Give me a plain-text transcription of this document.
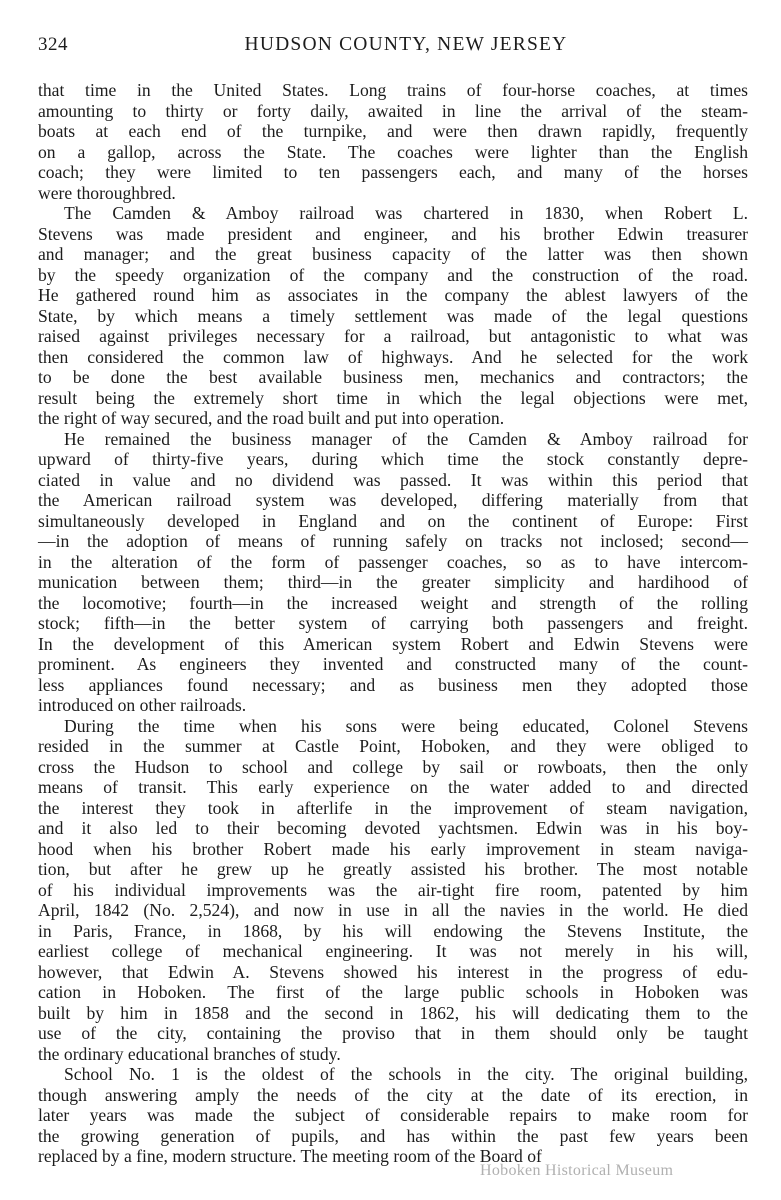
324	HUDSON COUNTY, NEW JERSEY
that time in the United States. Long trains of four-horse coaches, at times
amounting to thirty or forty daily, awaited in line the arrival of the steam-
boats at each end of the turnpike, and were then drawn rapidly, frequently
on a gallop, across the State. The coaches were lighter than the English
coach; they were limited to ten passengers each, and many of the horses
were thoroughbred.
The Camden & Amboy railroad was chartered in 1830, when Robert L.
Stevens was made president and engineer, and his brother Edwin treasurer
and manager; and the great business capacity of the latter was then shown
by the speedy organization of the company and the construction of the road.
He gathered round him as associates in the company the ablest lawyers of the
State, by which means a timely settlement was made of the legal questions
raised against privileges necessary for a railroad, but antagonistic to what was
then considered the common law of highways. And he selected for the work
to be done the best available business men, mechanics and contractors; the
result being the extremely short time in which the legal objections were met,
the right of way secured, and the road built and put into operation.
He remained the business manager of the Camden & Amboy railroad for
upward of thirty-five years, during which time the stock constantly depre-
ciated in value and no dividend was passed. It was within this period that
the American railroad system was developed, differing materially from that
simultaneously developed in England and on the continent of Europe: First
—in the adoption of means of running safely on tracks not inclosed; second—
in the alteration of the form of passenger coaches, so as to have intercom-
munication between them; third—in the greater simplicity and hardihood of
the locomotive; fourth—in the increased weight and strength of the rolling
stock; fifth—in the better system of carrying both passengers and freight.
In the development of this American system Robert and Edwin Stevens were
prominent. As engineers they invented and constructed many of the count-
less appliances found necessary; and as business men they adopted those
introduced on other railroads.
During the time when his sons were being educated, Colonel Stevens
resided in the summer at Castle Point, Hoboken, and they were obliged to
cross the Hudson to school and college by sail or rowboats, then the only
means of transit. This early experience on the water added to and directed
the interest they took in afterlife in the improvement of steam navigation,
and it also led to their becoming devoted yachtsmen. Edwin was in his boy-
hood when his brother Robert made his early improvement in steam naviga-
tion, but after he grew up he greatly assisted his brother. The most notable
of his individual improvements was the air-tight fire room, patented by him
April, 1842 (No. 2,524), and now in use in all the navies in the world. He died
in Paris, France, in 1868, by his will endowing the Stevens Institute, the
earliest college of mechanical engineering. It was not merely in his will,
however, that Edwin A. Stevens showed his interest in the progress of edu-
cation in Hoboken. The first of the large public schools in Hoboken was
built by him in 1858 and the second in 1862, his will dedicating them to the
use of the city, containing the proviso that in them should only be taught
the ordinary educational branches of study.
School No. 1 is the oldest of the schools in the city. The original building,
though answering amply the needs of the city at the date of its erection, in
later years was made the subject of considerable repairs to make room for
the growing generation of pupils, and has within the past few years been
replaced by a fine, modern structure. The meeting room of the Board of
Hoboken Historical Museum
